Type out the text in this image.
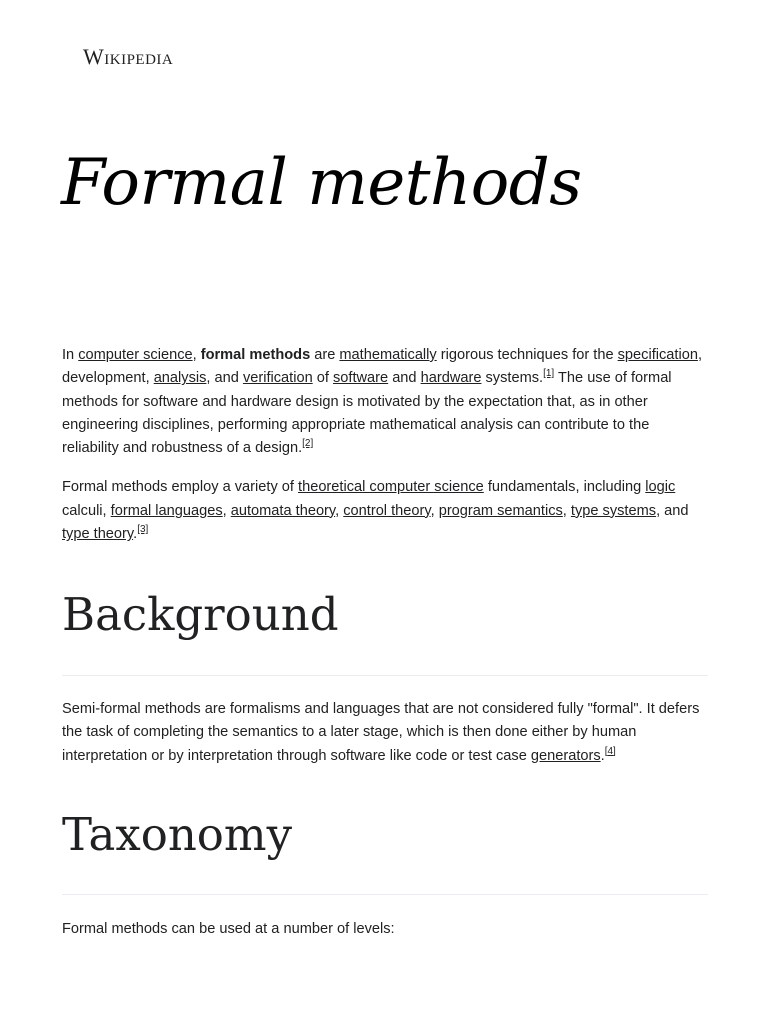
Wikipedia
Formal methods

In computer science, formal methods are mathematically rigorous techniques for the specification, development, analysis, and verification of software and hardware systems.[1] The use of formal methods for software and hardware design is motivated by the expectation that, as in other engineering disciplines, performing appropriate mathematical analysis can contribute to the reliability and robustness of a design.[2]

Formal methods employ a variety of theoretical computer science fundamentals, including logic calculi, formal languages, automata theory, control theory, program semantics, type systems, and type theory.[3]

Background

Semi-formal methods are formalisms and languages that are not considered fully "formal". It defers the task of completing the semantics to a later stage, which is then done either by human interpretation or by interpretation through software like code or test case generators.[4]

Taxonomy

Formal methods can be used at a number of levels:
